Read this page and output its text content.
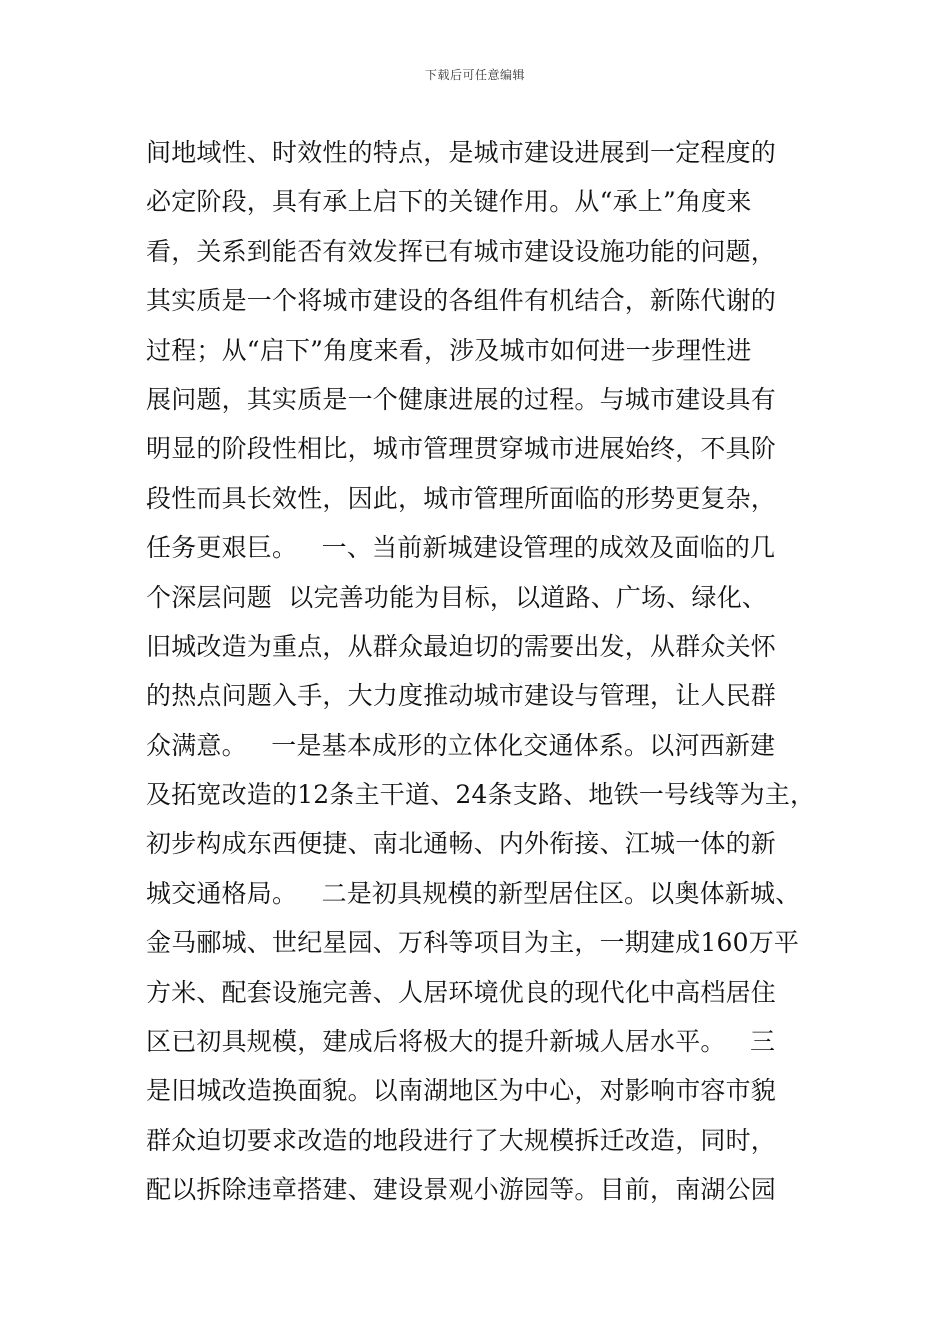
下载后可任意编辑
间地域性、时效性的特点，是城市建设进展到一定程度的
必定阶段，具有承上启下的关键作用。从“承上”角度来
看，关系到能否有效发挥已有城市建设设施功能的问题，
其实质是一个将城市建设的各组件有机结合，新陈代谢的
过程；从“启下”角度来看，涉及城市如何进一步理性进
展问题，其实质是一个健康进展的过程。与城市建设具有
明显的阶段性相比，城市管理贯穿城市进展始终，不具阶
段性而具长效性，因此，城市管理所面临的形势更复杂，
任务更艰巨。   一、当前新城建设管理的成效及面临的几
个深层问题  以完善功能为目标，以道路、广场、绿化、
旧城改造为重点，从群众最迫切的需要出发，从群众关怀
的热点问题入手，大力度推动城市建设与管理，让人民群
众满意。   一是基本成形的立体化交通体系。以河西新建
及拓宽改造的12条主干道、24条支路、地铁一号线等为主，
初步构成东西便捷、南北通畅、内外衔接、江城一体的新
城交通格局。   二是初具规模的新型居住区。以奥体新城、
金马郦城、世纪星园、万科等项目为主，一期建成160万平
方米、配套设施完善、人居环境优良的现代化中高档居住
区已初具规模，建成后将极大的提升新城人居水平。   三
是旧城改造换面貌。以南湖地区为中心，对影响市容市貌
群众迫切要求改造的地段进行了大规模拆迁改造，同时，
配以拆除违章搭建、建设景观小游园等。目前，南湖公园
